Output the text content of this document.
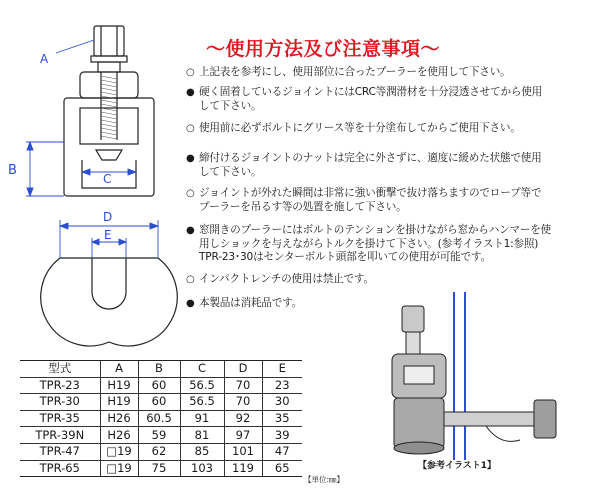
〜使用方法及び注意事項〜
○ 上記表を参考にし、使用部位に合ったプーラーを使用して下さい。
● 硬く固着しているジョイントにはCRC等潤滑材を十分浸透させてから使用
して下さい。
○ 使用前に必ずボルトにグリース等を十分塗布してからご使用下さい。
● 締付けるジョイントのナットは完全に外さずに、適度に緩めた状態で使用
して下さい。
○ ジョイントが外れた瞬間は非常に強い衝撃で抜け落ちますのでロープ等で
プーラーを吊るす等の処置を施して下さい。
● 窓開きのプーラーにはボルトのテンションを掛けながら窓からハンマーを使
用しショックを与えながらトルクを掛けて下さい。(参考イラスト1:参照)
TPR-23･30はセンターボルト頭部を叩いての使用が可能です。
○ インパクトレンチの使用は禁止です。
● 本製品は消耗品です。
A
B
C
D
E
型式	A	B	C	D	E
TPR-23	H19	60	56.5	70	23
TPR-30	H19	60	56.5	70	30
TPR-35	H26	60.5	91	92	35
TPR-39N	H26	59	81	97	39
TPR-47	□19	62	85	101	47
TPR-65	□19	75	103	119	65
【単位:㎜】
【参考イラスト1】
